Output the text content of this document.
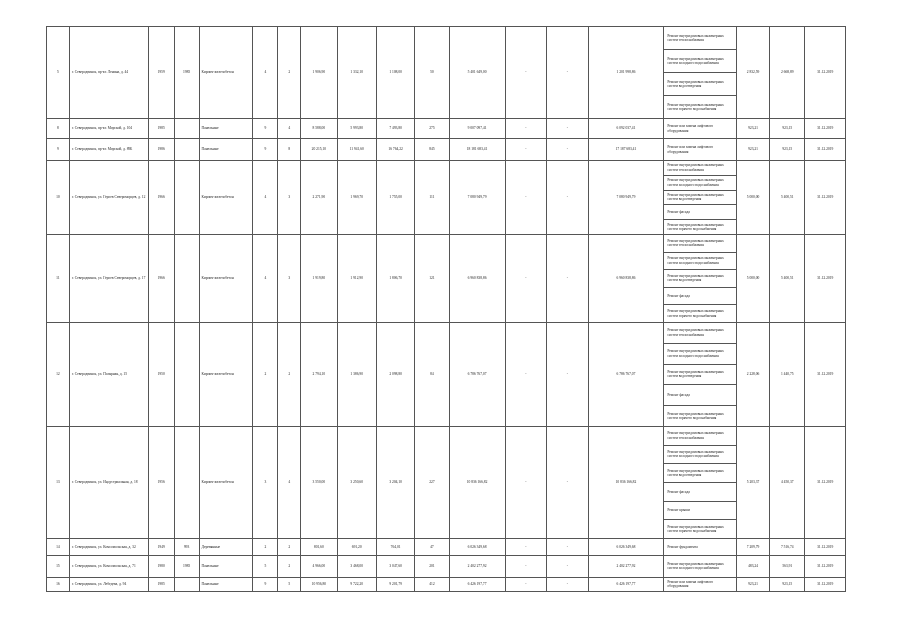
5	г. Северодвинск, пр-кт. Ленина, д. 44	1959	1985	Кирпич-железобетон	4	2	1 906,90	1 332,10	1 108,00	50	5 401 649,00	-	-	1 201 998,86	Ремонт внутридомовых инженерных систем теплоснабжения	2 832,59	2 668,89	31.12.2019
															Ремонт внутридомовых инженерных систем холодного водоснабжения			
															Ремонт внутридомовых инженерных систем водоотведения			
															Ремонт внутридомовых инженерных систем горячего водоснабжения			
8	г. Северодвинск, пр-кт. Морской, д. 104	1985		Панельные	9	4	8 588,00	5 993,80	7 493,80	275	9 007 097,41	-	-	6 092 037,41	Ремонт или замена лифтового оборудования	923,21	923,15	31.12.2019
9	г. Северодвинск, пр-кт. Морской, д. 89Б	1986		Панельные	9	8	20 215,10	11 941,60	16 764,22	845	18 181 683,41	-	-	17 187 683,41	Ремонт или замена лифтового оборудования	923,21	923,15	31.12.2019
10	г. Северодвинск, ул. Героев Североморцев, д. 12	1966		Кирпич-железобетон	4	3	2 271,90	1 969,70	1 755,00	111	7 080 949,79	-	-	7 080 949,79	Ремонт внутридомовых инженерных систем теплоснабжения	5 000,00	5 400,51	31.12.2019
															Ремонт внутридомовых инженерных систем холодного водоснабжения			
															Ремонт внутридомовых инженерных систем водоотведения			
															Ремонт фасада			
															Ремонт внутридомовых инженерных систем горячего водоснабжения			
11	г. Северодвинск, ул. Героев Североморцев, д. 17	1966		Кирпич-железобетон	4	3	1 919,80	1 912,90	1 806,70	121	6 960 838,86	-	-	6 960 838,86	Ремонт внутридомовых инженерных систем теплоснабжения	5 000,00	5 400,51	31.12.2019
															Ремонт внутридомовых инженерных систем холодного водоснабжения			
															Ремонт внутридомовых инженерных систем водоотведения			
															Ремонт фасада			
															Ремонт внутридомовых инженерных систем горячего водоснабжения			
12	г. Северодвинск, ул. Полярная, д. 15	1950		Кирпич-железобетон	2	2	2 794,10	1 386,90	2 098,80	84	6 786 767,07	-	-	6 786 767,07	Ремонт внутридомовых инженерных систем теплоснабжения	2 228,06	1 440,75	31.12.2019
															Ремонт внутридомовых инженерных систем холодного водоснабжения			
															Ремонт внутридомовых инженерных систем водоотведения			
															Ремонт фасада			
															Ремонт внутридомовых инженерных систем горячего водоснабжения			
13	г. Северодвинск, ул. Индустриальная, д. 18	1956		Кирпич-железобетон	3	4	3 550,00	3 250,60	3 204,10	227	10 836 166,82	-	-	10 836 166,82	Ремонт внутридомовых инженерных систем теплоснабжения	5 203,37	4 450,37	31.12.2019
															Ремонт внутридомовых инженерных систем холодного водоснабжения			
															Ремонт внутридомовых инженерных систем водоотведения			
															Ремонт фасада			
															Ремонт крыши			
															Ремонт внутридомовых инженерных систем горячего водоснабжения			
14	г. Северодвинск, ул. Комсомольская, д. 32	1949	993	Деревянные	2	2	801,60	691,20	764,01	47	6 026 349,68	-	-	6 026 349,68	Ремонт фундамента	7 209,79	7 516,74	31.12.2019
15	г. Северодвинск, ул. Комсомольская, д. 71	1980	1985	Панельные	5	2	4 966,00	3 468,00	3 047,60	201	2 402 277,92	-	-	2 402 277,92	Ремонт внутридомовых инженерных систем холодного водоснабжения	483,24	563,91	31.12.2019
16	г. Северодвинск, ул. Лебедева, д. 94	1985		Панельные	9	5	10 956,80	9 722,20	9 201,79	412	6 426 197,77	-	-	6 426 197,77	Ремонт или замена лифтового оборудования	923,21	923,15	31.12.2019
